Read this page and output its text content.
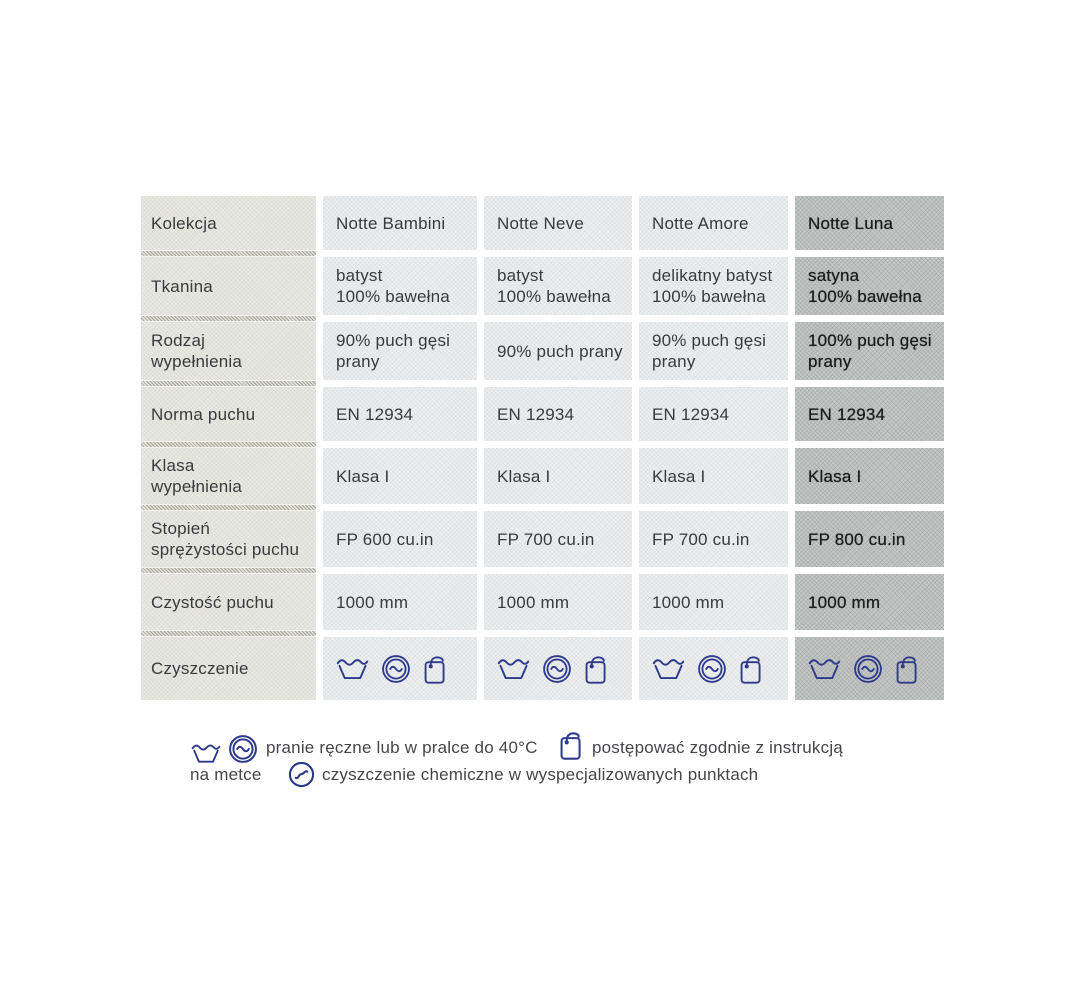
Kolekcja
Tkanina
Rodzaj
wypełnienia
Norma puchu
Klasa
wypełnienia
Stopień
sprężystości puchu
Czystość puchu
Czyszczenie
Notte Bambini
batyst
100% bawełna
90% puch gęsi
prany
EN 12934
Klasa I
FP 600 cu.in
1000 mm
Notte Neve
batyst
100% bawełna
90% puch prany
EN 12934
Klasa I
FP 700 cu.in
1000 mm
Notte Amore
delikatny batyst
100% bawełna
90% puch gęsi
prany
EN 12934
Klasa I
FP 700 cu.in
1000 mm
Notte Luna
satyna
100% bawełna
100% puch gęsi
prany
EN 12934
Klasa I
FP 800 cu.in
1000 mm
pranie ręczne lub w pralce do 40°C	postępować zgodnie z instrukcją
na metce	czyszczenie chemiczne w wyspecjalizowanych punktach
